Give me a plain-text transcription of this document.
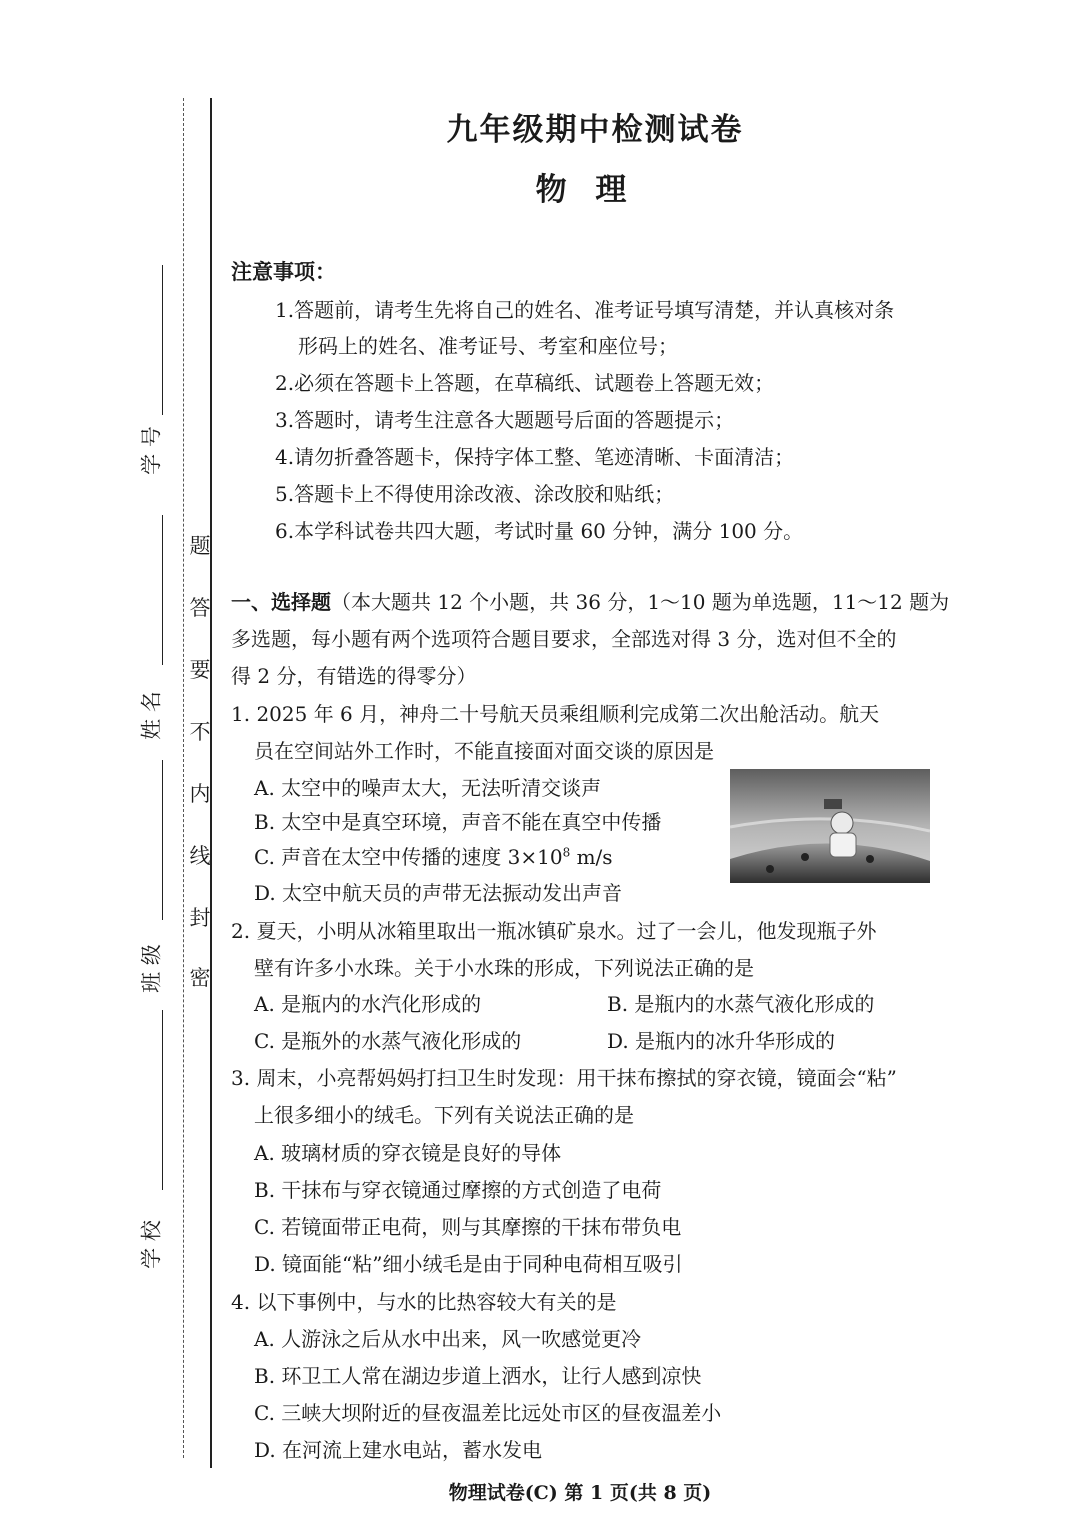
题
答
要
不
内
线
封
密
学 号
姓 名
班 级
学 校
九年级期中检测试卷
物 理
注意事项：
1.答题前，请考生先将自己的姓名、准考证号填写清楚，并认真核对条
形码上的姓名、准考证号、考室和座位号；
2.必须在答题卡上答题，在草稿纸、试题卷上答题无效；
3.答题时，请考生注意各大题题号后面的答题提示；
4.请勿折叠答题卡，保持字体工整、笔迹清晰、卡面清洁；
5.答题卡上不得使用涂改液、涂改胶和贴纸；
6.本学科试卷共四大题，考试时量 60 分钟，满分 100 分。
一、选择题（本大题共 12 个小题，共 36 分，1～10 题为单选题，11～12 题为
多选题，每小题有两个选项符合题目要求，全部选对得 3 分，选对但不全的
得 2 分，有错选的得零分）
1. 2025 年 6 月，神舟二十号航天员乘组顺利完成第二次出舱活动。航天
员在空间站外工作时，不能直接面对面交谈的原因是
A. 太空中的噪声太大，无法听清交谈声
B. 太空中是真空环境，声音不能在真空中传播
C. 声音在太空中传播的速度 $3\times 10^8$ m/s
D. 太空中航天员的声带无法振动发出声音
2. 夏天，小明从冰箱里取出一瓶冰镇矿泉水。过了一会儿，他发现瓶子外
壁有许多小水珠。关于小水珠的形成，下列说法正确的是
A. 是瓶内的水汽化形成的	B. 是瓶内的水蒸气液化形成的
C. 是瓶外的水蒸气液化形成的	D. 是瓶内的冰升华形成的
3. 周末，小亮帮妈妈打扫卫生时发现：用干抹布擦拭的穿衣镜，镜面会“粘”
上很多细小的绒毛。下列有关说法正确的是
A. 玻璃材质的穿衣镜是良好的导体
B. 干抹布与穿衣镜通过摩擦的方式创造了电荷
C. 若镜面带正电荷，则与其摩擦的干抹布带负电
D. 镜面能“粘”细小绒毛是由于同种电荷相互吸引
4. 以下事例中，与水的比热容较大有关的是
A. 人游泳之后从水中出来，风一吹感觉更冷
B. 环卫工人常在湖边步道上洒水，让行人感到凉快
C. 三峡大坝附近的昼夜温差比远处市区的昼夜温差小
D. 在河流上建水电站，蓄水发电
物理试卷(C) 第 1 页(共 8 页)
